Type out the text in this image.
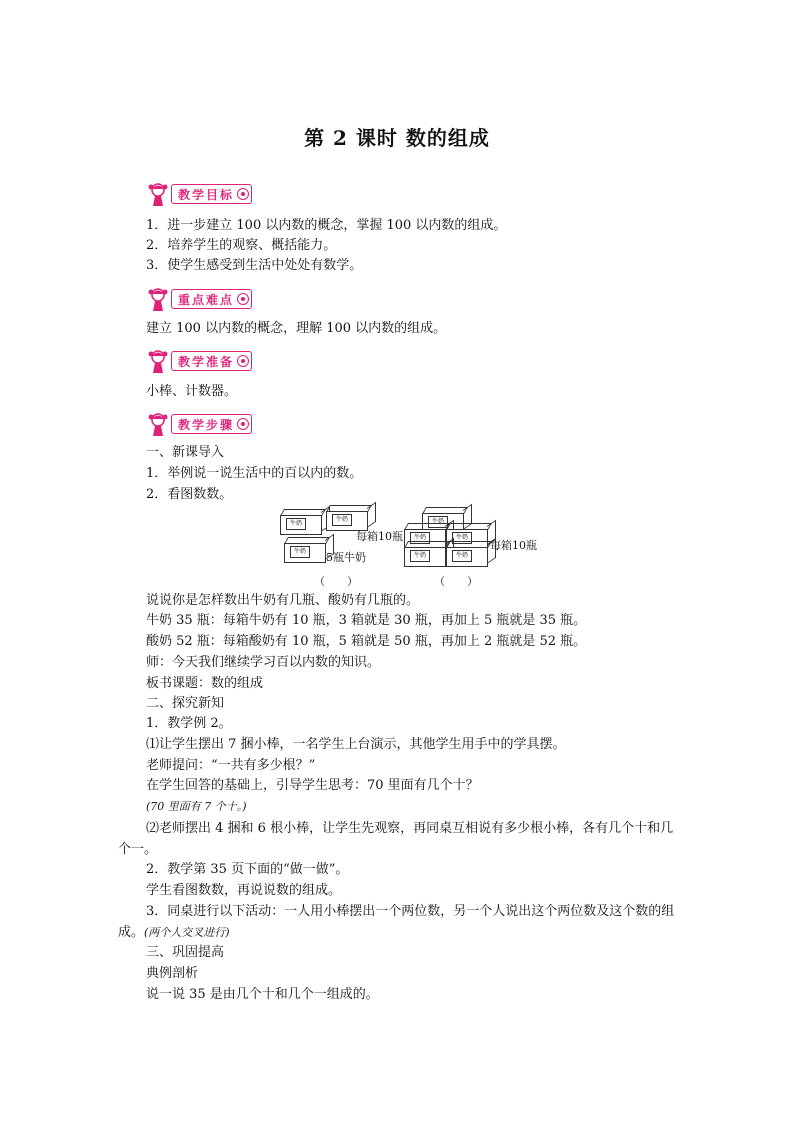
第 2 课时 数的组成
教学目标
1．进一步建立 100 以内数的概念，掌握 100 以内数的组成。
2．培养学生的观察、概括能力。
3．使学生感受到生活中处处有数学。
重点难点
建立 100 以内数的概念，理解 100 以内数的组成。
教学准备
小棒、计数器。
教学步骤
一、新课导入
1．举例说一说生活中的百以内的数。
2．看图数数。
牛奶
牛奶
牛奶
每箱10瓶
5瓶牛奶
牛奶
牛奶	牛奶
牛奶	牛奶
每箱10瓶
（　　）	（　　）
说说你是怎样数出牛奶有几瓶、酸奶有几瓶的。
牛奶 35 瓶：每箱牛奶有 10 瓶，3 箱就是 30 瓶，再加上 5 瓶就是 35 瓶。
酸奶 52 瓶：每箱酸奶有 10 瓶，5 箱就是 50 瓶，再加上 2 瓶就是 52 瓶。
师：今天我们继续学习百以内数的知识。
板书课题：数的组成
二、探究新知
1．教学例 2。
⑴让学生摆出 7 捆小棒，一名学生上台演示，其他学生用手中的学具摆。
老师提问：“一共有多少根？”
在学生回答的基础上，引导学生思考：70 里面有几个十？
(70 里面有 7 个十。)
⑵老师摆出 4 捆和 6 根小棒，让学生先观察，再同桌互相说有多少根小棒，各有几个十和几个一。
2．教学第 35 页下面的“做一做”。
学生看图数数，再说说数的组成。
3．同桌进行以下活动：一人用小棒摆出一个两位数，另一个人说出这个两位数及这个数的组成。(两个人交叉进行)
三、巩固提高
典例剖析
说一说 35 是由几个十和几个一组成的。
